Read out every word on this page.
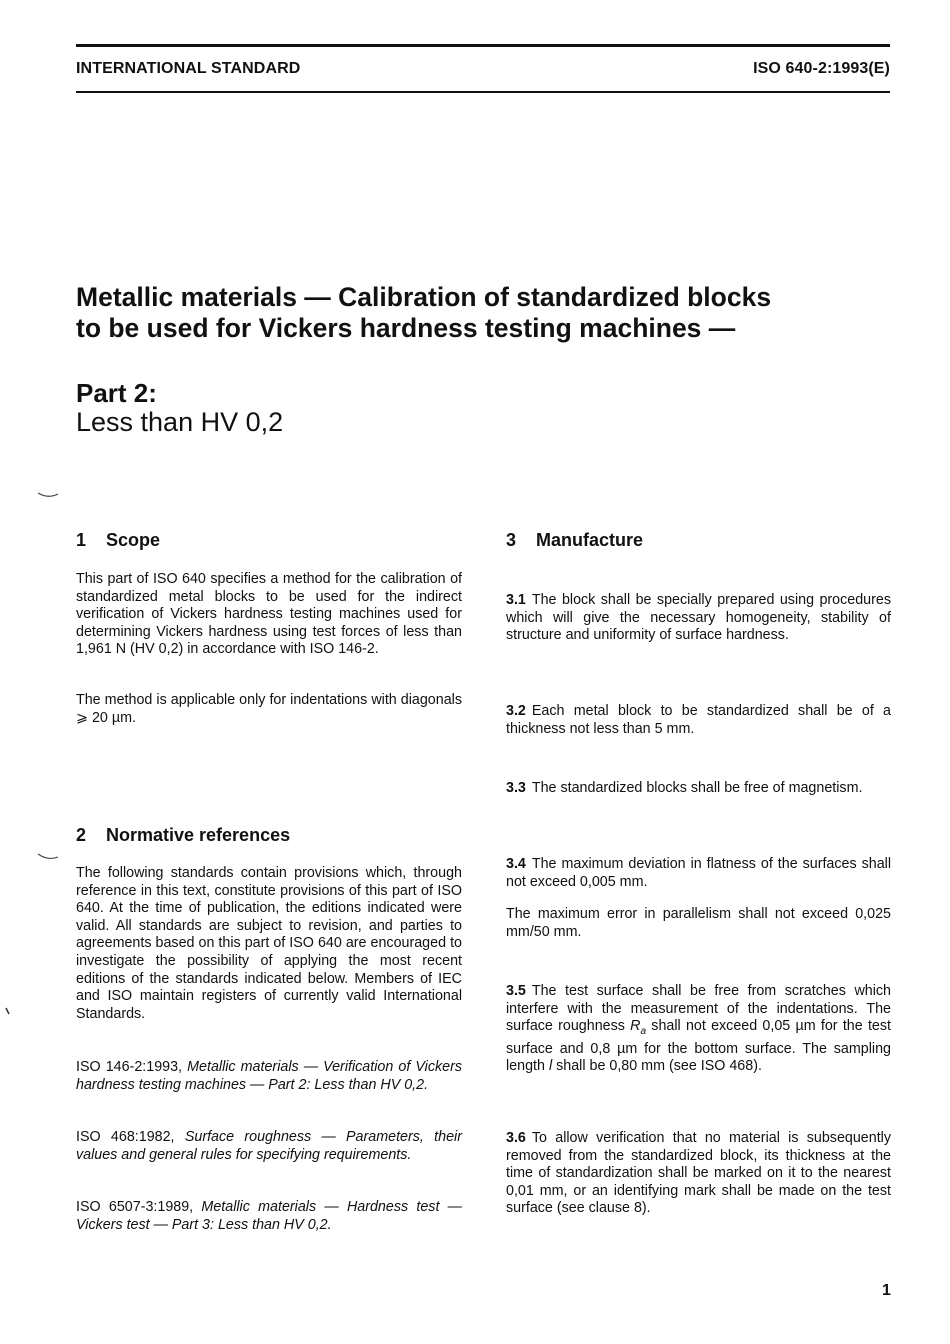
INTERNATIONAL STANDARD	ISO 640-2:1993(E)
Metallic materials — Calibration of standardized blocks
to be used for Vickers hardness testing machines —
Part 2:
Less than HV 0,2
1 Scope

This part of ISO 640 specifies a method for the calibration of standardized metal blocks to be used for the indirect verification of Vickers hardness testing machines used for determining Vickers hardness using test forces of less than 1,961 N (HV 0,2) in accordance with ISO 146-2.

The method is applicable only for indentations with diagonals ⩾ 20 µm.

2 Normative references

The following standards contain provisions which, through reference in this text, constitute provisions of this part of ISO 640. At the time of publication, the editions indicated were valid. All standards are subject to revision, and parties to agreements based on this part of ISO 640 are encouraged to investigate the possibility of applying the most recent editions of the standards indicated below. Members of IEC and ISO maintain registers of currently valid International Standards.

ISO 146-2:1993, Metallic materials — Verification of Vickers hardness testing machines — Part 2: Less than HV 0,2.

ISO 468:1982, Surface roughness — Parameters, their values and general rules for specifying requirements.

ISO 6507-3:1989, Metallic materials — Hardness test — Vickers test — Part 3: Less than HV 0,2.

3 Manufacture

3.1 The block shall be specially prepared using procedures which will give the necessary homogeneity, stability of structure and uniformity of surface hardness.

3.2 Each metal block to be standardized shall be of a thickness not less than 5 mm.

3.3 The standardized blocks shall be free of magnetism.

3.4 The maximum deviation in flatness of the surfaces shall not exceed 0,005 mm.

The maximum error in parallelism shall not exceed 0,025 mm/50 mm.

3.5 The test surface shall be free from scratches which interfere with the measurement of the indentations. The surface roughness $R_a$ shall not exceed 0,05 µm for the test surface and 0,8 µm for the bottom surface. The sampling length l shall be 0,80 mm (see ISO 468).

3.6 To allow verification that no material is subsequently removed from the standardized block, its thickness at the time of standardization shall be marked on it to the nearest 0,01 mm, or an identifying mark shall be made on the test surface (see clause 8).

1
